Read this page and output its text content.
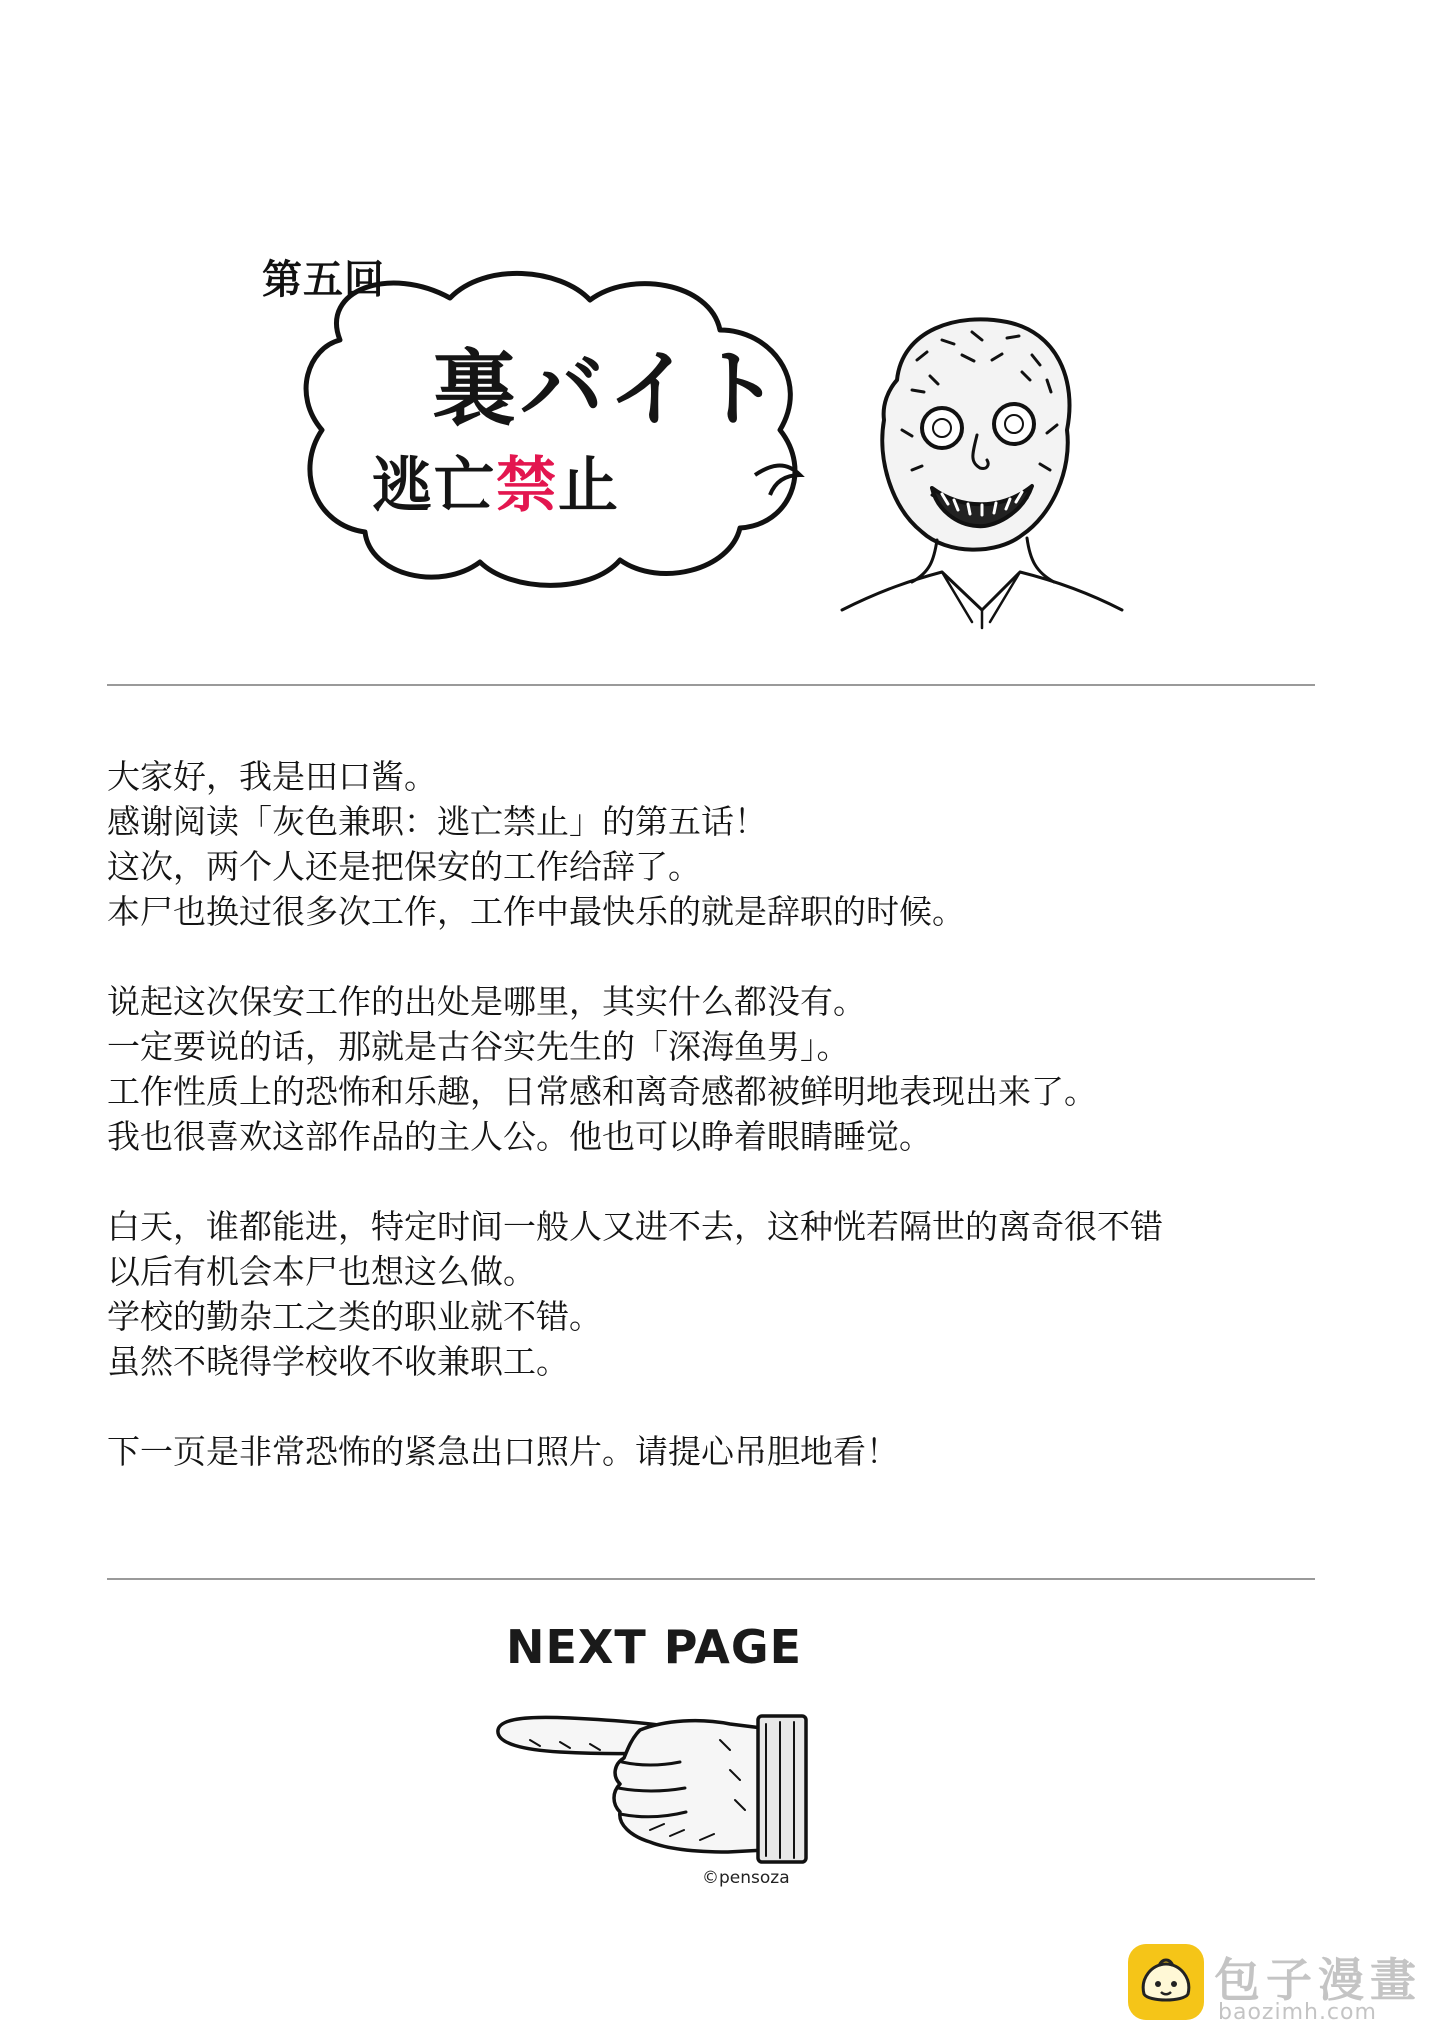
第五回
裏バイト
逃亡禁止
大家好，我是田口酱。
感谢阅读「灰色兼职：逃亡禁止」的第五话！
这次，两个人还是把保安的工作给辞了。
本尸也换过很多次工作，工作中最快乐的就是辞职的时候。
说起这次保安工作的出处是哪里，其实什么都没有。
一定要说的话，那就是古谷实先生的「深海鱼男」。
工作性质上的恐怖和乐趣，日常感和离奇感都被鲜明地表现出来了。
我也很喜欢这部作品的主人公。他也可以睁着眼睛睡觉。
白天，谁都能进，特定时间一般人又进不去，这种恍若隔世的离奇很不错
以后有机会本尸也想这么做。
学校的勤杂工之类的职业就不错。
虽然不晓得学校收不收兼职工。
下一页是非常恐怖的紧急出口照片。请提心吊胆地看！
NEXT PAGE
©pensoza
包子漫畫
baozimh.com
